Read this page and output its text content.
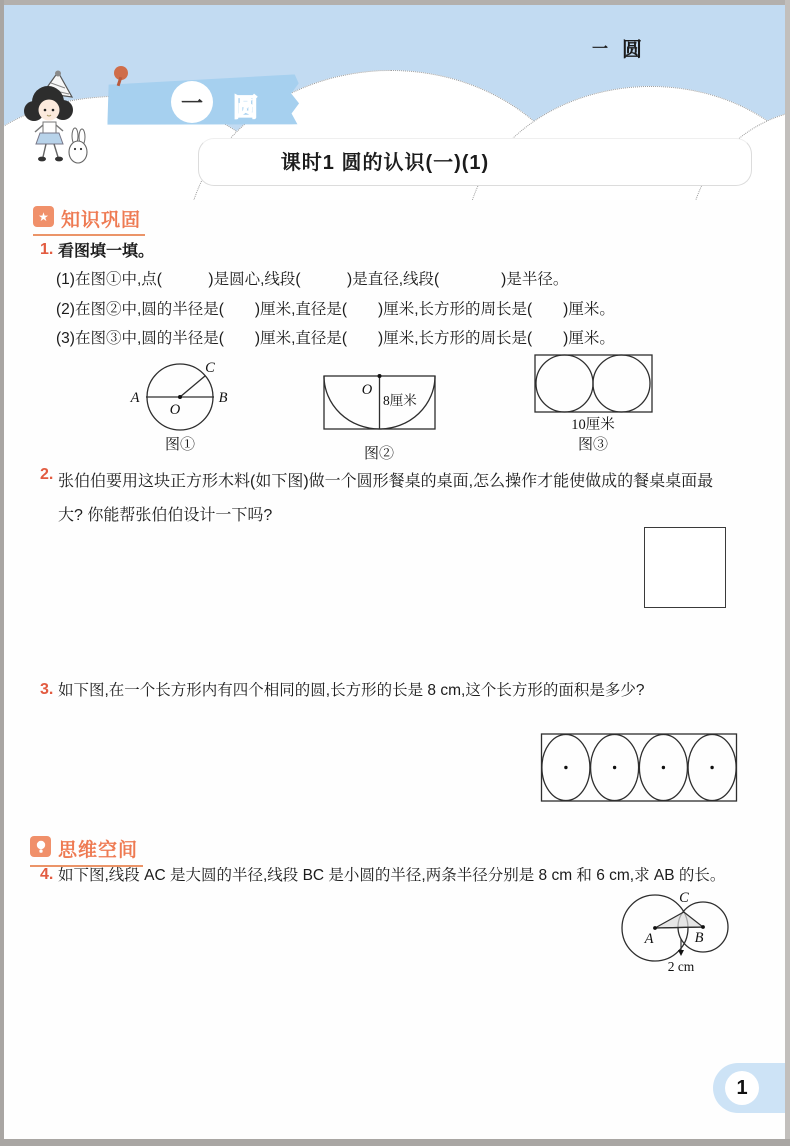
一 圆
一 圆
课时1 圆的认识(一)(1)
★ 知识巩固
1. 看图填一填。
(1)在图①中,点(　　　)是圆心,线段(　　　)是直径,线段(　　　　)是半径。
(2)在图②中,圆的半径是(　　)厘米,直径是(　　)厘米,长方形的周长是(　　)厘米。
(3)在图③中,圆的半径是(　　)厘米,直径是(　　)厘米,长方形的周长是(　　)厘米。
A	B
C
O
图①
O
8厘米
图②
10厘米
图③
2. 张伯伯要用这块正方形木料(如下图)做一个圆形餐桌的桌面,怎么操作才能使做成的餐桌桌面最大? 你能帮张伯伯设计一下吗?
3. 如下图,在一个长方形内有四个相同的圆,长方形的长是 8 cm,这个长方形的面积是多少?
思维空间
4. 如下图,线段 AC 是大圆的半径,线段 BC 是小圆的半径,两条半径分别是 8 cm 和 6 cm,求 AB 的长。
A	B
C
2 cm
1
